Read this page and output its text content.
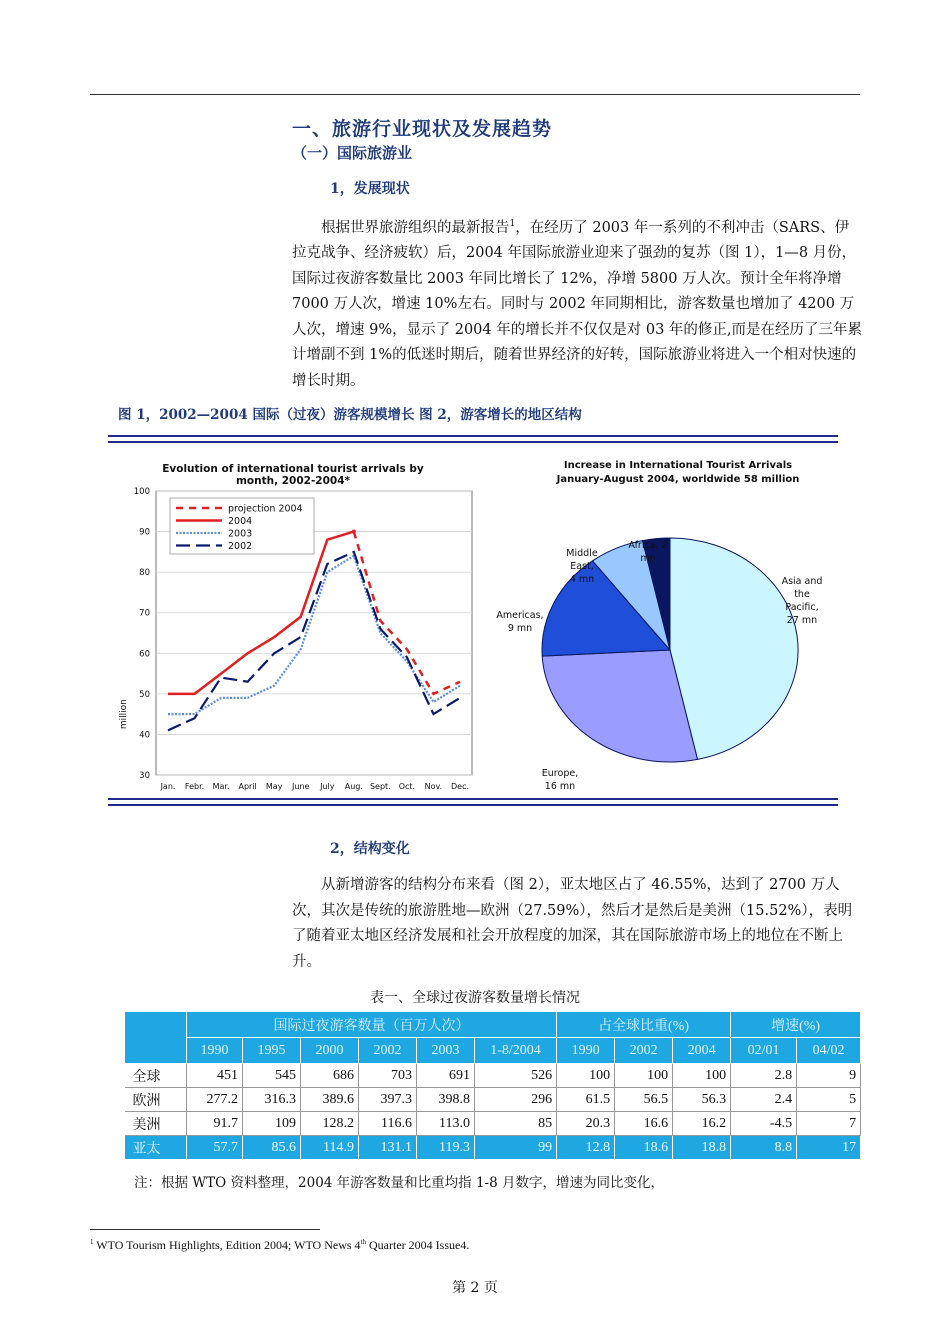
一、旅游行业现状及发展趋势
（一）国际旅游业
1，发展现状

根据世界旅游组织的最新报告$^1$，在经历了 2003 年一系列的不利冲击（SARS、伊拉克战争、经济疲软）后，2004 年国际旅游业迎来了强劲的复苏（图 1），1—8 月份，国际过夜游客数量比 2003 年同比增长了 12%，净增 5800 万人次。预计全年将净增 7000 万人次，增速 10%左右。同时与 2002 年同期相比，游客数量也增加了 4200 万人次，增速 9%，显示了 2004 年的增长并不仅仅是对 03 年的修正,而是在经历了三年累计增副不到 1%的低迷时期后，随着世界经济的好转，国际旅游业将进入一个相对快速的增长时期。

图 1，2002—2004 国际（过夜）游客规模增长 图 2，游客增长的地区结构
Evolution of international tourist arrivals by month, 2002-2004*
30
40
50
60
70
80
90
100
Jan. Febr. Mar. April May June July Aug. Sept. Oct. Nov. Dec.
million
projection 2004
2004
2003
2002
Increase in International Tourist Arrivals January-August 2004, worldwide 58 million
Asia and the Pacific, 27 mn
Europe, 16 mn
Americas, 9 mn
Middle East, 4 mn
Africa, 2 mn
2，结构变化

从新增游客的结构分布来看（图 2），亚太地区占了 46.55%，达到了 2700 万人次，其次是传统的旅游胜地—欧洲（27.59%），然后才是然后是美洲（15.52%），表明了随着亚太地区经济发展和社会开放程度的加深，其在国际旅游市场上的地位在不断上升。

表一、全球过夜游客数量增长情况
	国际过夜游客数量（百万人次）						占全球比重(%)			增速(%)	
	1990	1995	2000	2002	2003	1-8/2004	1990	2002	2004	02/01	04/02
全球	451	545	686	703	691	526	100	100	100	2.8	9
欧洲	277.2	316.3	389.6	397.3	398.8	296	61.5	56.5	56.3	2.4	5
美洲	91.7	109	128.2	116.6	113.0	85	20.3	16.6	16.2	-4.5	7
亚太	57.7	85.6	114.9	131.1	119.3	99	12.8	18.6	18.8	8.8	17
注：根据 WTO 资料整理，2004 年游客数量和比重均指 1-8 月数字，增速为同比变化，
$^1$ WTO Tourism Highlights, Edition 2004; WTO News 4th Quarter 2004 Issue4.
第 2 页
